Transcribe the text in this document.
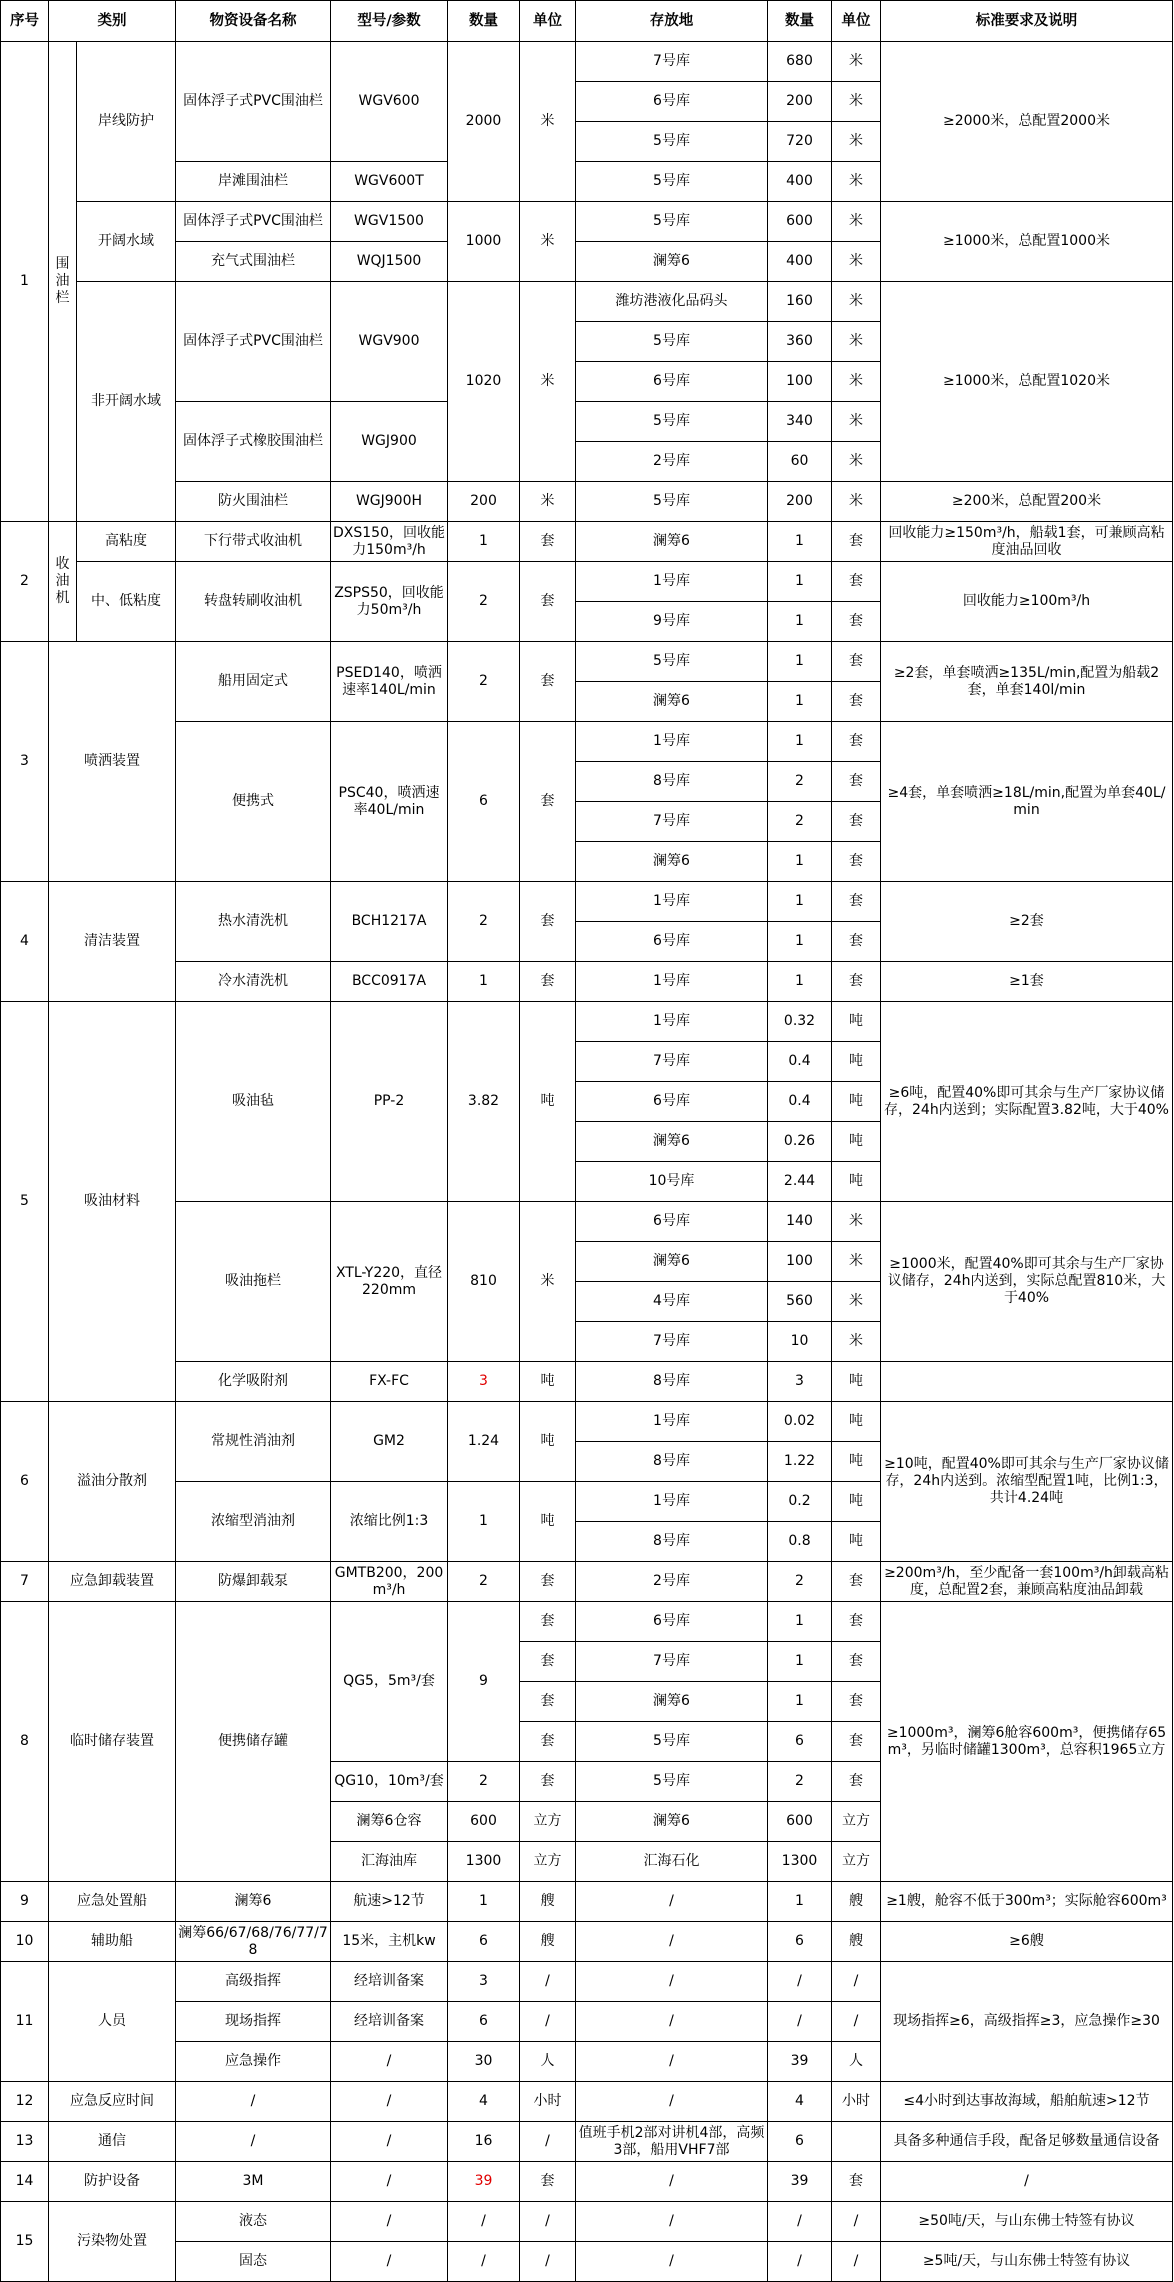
序号	类别		物资设备名称	型号/参数	数量	单位	存放地	数量	单位	标准要求及说明
1	围油栏	岸线防护	固体浮子式PVC围油栏	WGV600	2000	米	7号库	680	米	≥2000米，总配置2000米
							6号库	200	米	
							5号库	720	米	
			岸滩围油栏	WGV600T			5号库	400	米	
		开阔水域	固体浮子式PVC围油栏	WGV1500	1000	米	5号库	600	米	≥1000米，总配置1000米
			充气式围油栏	WQJ1500			澜筹6	400	米	
		非开阔水域	固体浮子式PVC围油栏	WGV900	1020	米	潍坊港液化品码头	160	米	≥1000米，总配置1020米
							5号库	360	米	
							6号库	100	米	
			固体浮子式橡胶围油栏	WGJ900			5号库	340	米	
							2号库	60	米	
			防火围油栏	WGJ900H	200	米	5号库	200	米	≥200米，总配置200米
2	收油机	高粘度	下行带式收油机	DXS150，回收能力150m³/h	1	套	澜筹6	1	套	回收能力≥150m³/h，船载1套，可兼顾高粘度油品回收
		中、低粘度	转盘转刷收油机	ZSPS50，回收能力50m³/h	2	套	1号库	1	套	回收能力≥100m³/h
							9号库	1	套	
3	喷洒装置		船用固定式	PSED140，喷洒速率140L/min	2	套	5号库	1	套	≥2套，单套喷洒≥135L/min,配置为船载2套，单套140l/min
							澜筹6	1	套	
			便携式	PSC40，喷洒速率40L/min	6	套	1号库	1	套	≥4套，单套喷洒≥18L/min,配置为单套40L/min
							8号库	2	套	
							7号库	2	套	
							澜筹6	1	套	
4	清洁装置		热水清洗机	BCH1217A	2	套	1号库	1	套	≥2套
							6号库	1	套	
			冷水清洗机	BCC0917A	1	套	1号库	1	套	≥1套
5	吸油材料		吸油毡	PP-2	3.82	吨	1号库	0.32	吨	≥6吨，配置40%即可其余与生产厂家协议储存，24h内送到；实际配置3.82吨，大于40%
							7号库	0.4	吨	
							6号库	0.4	吨	
							澜筹6	0.26	吨	
							10号库	2.44	吨	
			吸油拖栏	XTL-Y220，直径220mm	810	米	6号库	140	米	≥1000米，配置40%即可其余与生产厂家协议储存，24h内送到，实际总配置810米，大于40%
							澜筹6	100	米	
							4号库	560	米	
							7号库	10	米	
			化学吸附剂	FX-FC	3	吨	8号库	3	吨	
6	溢油分散剂		常规性消油剂	GM2	1.24	吨	1号库	0.02	吨	≥10吨，配置40%即可其余与生产厂家协议储存，24h内送到。浓缩型配置1吨，比例1:3，共计4.24吨
							8号库	1.22	吨	
			浓缩型消油剂	浓缩比例1:3	1	吨	1号库	0.2	吨	
							8号库	0.8	吨	
7	应急卸载装置		防爆卸载泵	GMTB200，200m³/h	2	套	2号库	2	套	≥200m³/h，至少配备一套100m³/h卸载高粘度，总配置2套，兼顾高粘度油品卸载
8	临时储存装置		便携储存罐	QG5，5m³/套	9	套	6号库	1	套	≥1000m³，澜筹6舱容600m³，便携储存65m³，另临时储罐1300m³，总容积1965立方
						套	7号库	1	套	
						套	澜筹6	1	套	
						套	5号库	6	套	
				QG10，10m³/套	2	套	5号库	2	套	
				澜筹6仓容	600	立方	澜筹6	600	立方	
				汇海油库	1300	立方	汇海石化	1300	立方	
9	应急处置船		澜筹6	航速>12节	1	艘	/	1	艘	≥1艘，舱容不低于300m³；实际舱容600m³
10	辅助船		澜筹66/67/68/76/77/78	15米，主机kw	6	艘	/	6	艘	≥6艘
11	人员		高级指挥	经培训备案	3	/	/	/	/	现场指挥≥6，高级指挥≥3，应急操作≥30
			现场指挥	经培训备案	6	/	/	/	/	
			应急操作	/	30	人	/	39	人	
12	应急反应时间		/	/	4	小时	/	4	小时	≤4小时到达事故海域，船舶航速>12节
13	通信		/	/	16	/	值班手机2部对讲机4部，高频3部，船用VHF7部	6		具备多种通信手段，配备足够数量通信设备
14	防护设备		3M	/	39	套	/	39	套	/
15	污染物处置		液态	/	/	/	/	/	/	≥50吨/天，与山东佛士特签有协议
			固态	/	/	/	/	/	/	≥5吨/天，与山东佛士特签有协议
